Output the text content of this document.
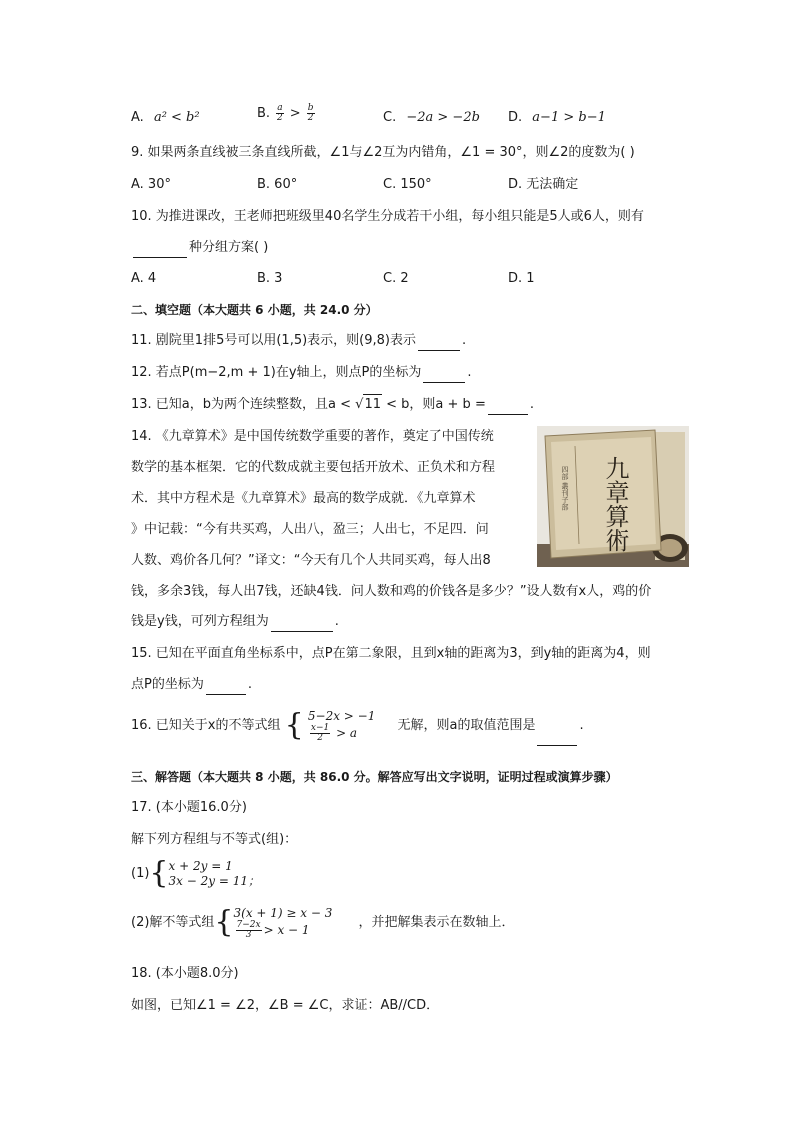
A. a² < b²	B. $\frac{a}{2} > \frac{b}{2}$	C. −2a > −2b D. a−1 > b−1
9. 如果两条直线被三条直线所截，∠1与∠2互为内错角，∠1 = 30°，则∠2的度数为( )
A. 30°	B. 60°	C. 150°	D. 无法确定
10. 为推进课改，王老师把班级里40名学生分成若干小组，每小组只能是5人或6人，则有
种分组方案( )
A. 4	B. 3	C. 2	D. 1
二、填空题（本大题共 6 小题，共 24.0 分）
11. 剧院里1排5号可以用(1,5)表示，则(9,8)表示	.
12. 若点P(m−2,m + 1)在y轴上，则点P的坐标为	.
13. 已知a，b为两个连续整数，且a < √11 < b，则a + b =	.
14. 《九章算术》是中国传统数学重要的著作，奠定了中国传统
数学的基本框架．它的代数成就主要包括开放术、正负术和方程
术．其中方程术是《九章算术》最高的数学成就．《九章算术
》中记载：“今有共买鸡，人出八，盈三；人出七，不足四．问
人数、鸡价各几何？”译文：“今天有几个人共同买鸡，每人出8
钱，多余3钱，每人出7钱，还缺4钱．问人数和鸡的价钱各是多少？”设人数有x人，鸡的价
钱是y钱，可列方程组为	.
四部 叢刊子部 九章算術
15. 已知在平面直角坐标系中，点P在第二象限，且到x轴的距离为3，到y轴的距离为4，则
点P的坐标为	.
16. 已知关于x的不等式组 { 5−2x > −1
$\frac{x-1}{2} > a$	无解，则a的取值范围是	.
三、解答题（本大题共 8 小题，共 86.0 分。解答应写出文字说明，证明过程或演算步骤）
17. (本小题16.0分)
解下列方程组与不等式(组)：
(1){ x + 2y = 1
3x − 2y = 11；
(2)解不等式组{ 3(x + 1) ≥ x − 3
$\frac{7-2x}{3} > x - 1$	，并把解集表示在数轴上．
18. (本小题8.0分)
如图，已知∠1 = ∠2，∠B = ∠C，求证：AB//CD．
